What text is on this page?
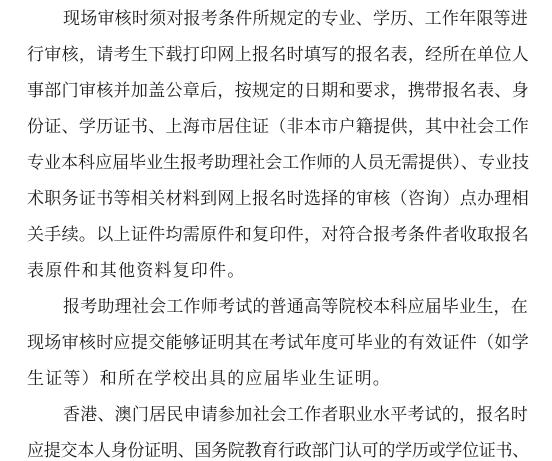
现场审核时须对报考条件所规定的专业、学历、工作年限等进
行审核，请考生下载打印网上报名时填写的报名表，经所在单位人
事部门审核并加盖公章后，按规定的日期和要求，携带报名表、身
份证、学历证书、上海市居住证（非本市户籍提供，其中社会工作
专业本科应届毕业生报考助理社会工作师的人员无需提供）、专业技
术职务证书等相关材料到网上报名时选择的审核（咨询）点办理相
关手续。以上证件均需原件和复印件，对符合报考条件者收取报名
表原件和其他资料复印件。
报考助理社会工作师考试的普通高等院校本科应届毕业生，在
现场审核时应提交能够证明其在考试年度可毕业的有效证件（如学
生证等）和所在学校出具的应届毕业生证明。
香港、澳门居民申请参加社会工作者职业水平考试的，报名时
应提交本人身份证明、国务院教育行政部门认可的学历或学位证书、
